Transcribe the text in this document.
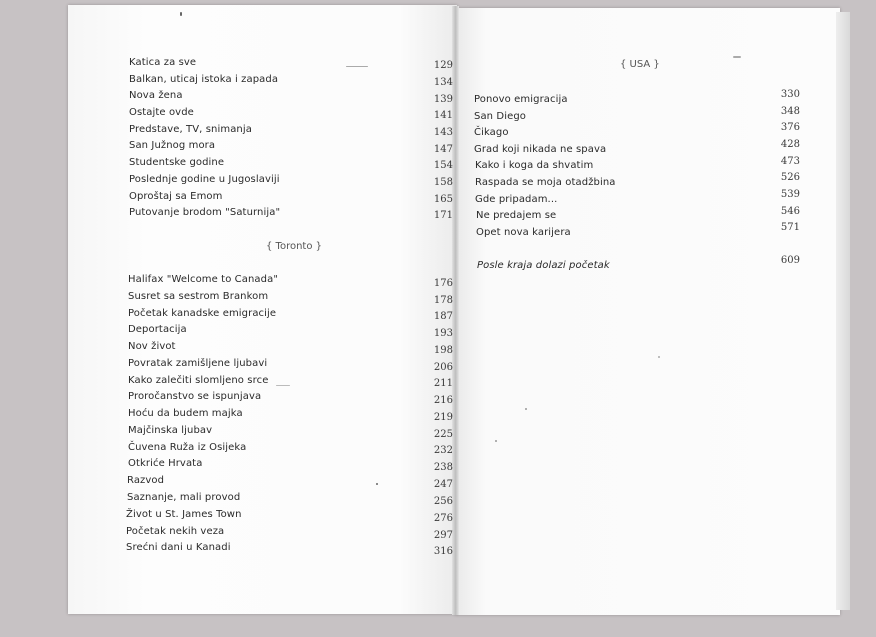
Katica za sve	129
Balkan, uticaj istoka i zapada	134
Nova žena	139
Ostajte ovde	141
Predstave, TV, snimanja	143
San Južnog mora	147
Studentske godine	154
Poslednje godine u Jugoslaviji	158
Oproštaj sa Emom	165
Putovanje brodom "Saturnija"	171
{ Toronto }
Halifax "Welcome to Canada"	176
Susret sa sestrom Brankom	178
Početak kanadske emigracije	187
Deportacija	193
Nov život	198
Povratak zamišljene ljubavi	206
Kako zalečiti slomljeno srce	211
Proročanstvo se ispunjava	216
Hoću da budem majka	219
Majčinska ljubav	225
Čuvena Ruža iz Osijeka	232
Otkriće Hrvata	238
Razvod	247
Saznanje, mali provod	256
Život u St. James Town	276
Početak nekih veza	297
Srećni dani u Kanadi	316
{ USA }
Ponovo emigracija	330
San Diego	348
Čikago	376
Grad koji nikada ne spava	428
Kako i koga da shvatim	473
Raspada se moja otadžbina	526
Gde pripadam...	539
Ne predajem se	546
Opet nova karijera	571
Posle kraja dolazi početak	609
